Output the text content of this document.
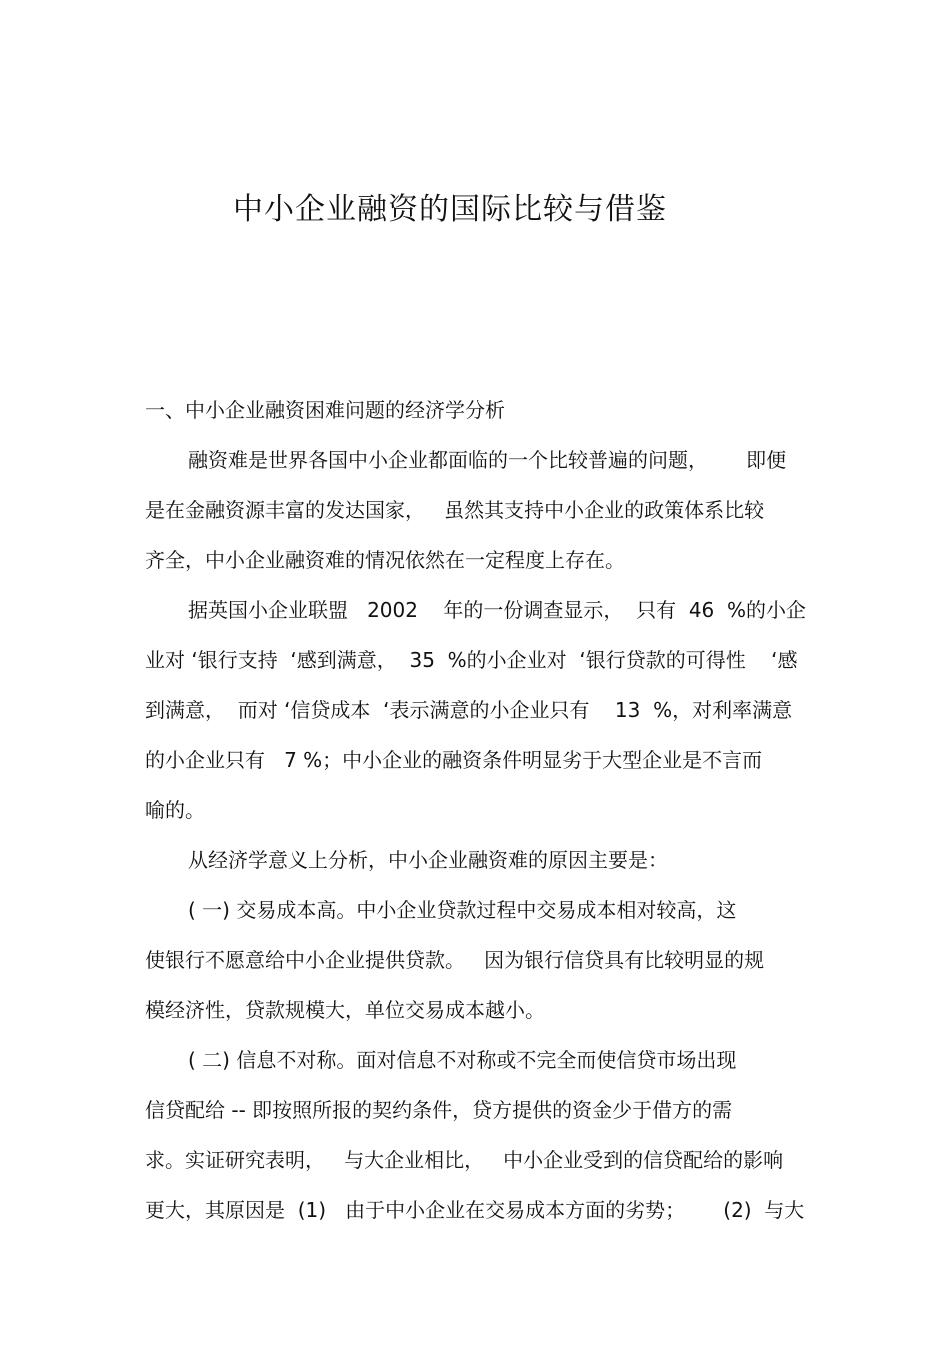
中小企业融资的国际比较与借鉴
一、中小企业融资困难问题的经济学分析
融资难是世界各国中小企业都面临的一个比较普遍的问题，      即便
是在金融资源丰富的发达国家，   虽然其支持中小企业的政策体系比较
齐全，中小企业融资难的情况依然在一定程度上存在。
据英国小企业联盟   2002    年的一份调查显示，  只有  46  %的小企
业对 ‘银行支持  ‘感到满意，  35  %的小企业对  ‘银行贷款的可得性    ‘感
到满意，  而对 ‘信贷成本  ‘表示满意的小企业只有    13  %，对利率满意
的小企业只有   7 %；中小企业的融资条件明显劣于大型企业是不言而
喻的。
从经济学意义上分析，中小企业融资难的原因主要是：
( 一) 交易成本高。中小企业贷款过程中交易成本相对较高，这
使银行不愿意给中小企业提供贷款。   因为银行信贷具有比较明显的规
模经济性，贷款规模大，单位交易成本越小。
( 二) 信息不对称。面对信息不对称或不完全而使信贷市场出现
信贷配给 -- 即按照所报的契约条件，贷方提供的资金少于借方的需
求。实证研究表明，   与大企业相比，   中小企业受到的信贷配给的影响
更大，其原因是  (1)   由于中小企业在交易成本方面的劣势；      (2)  与大
